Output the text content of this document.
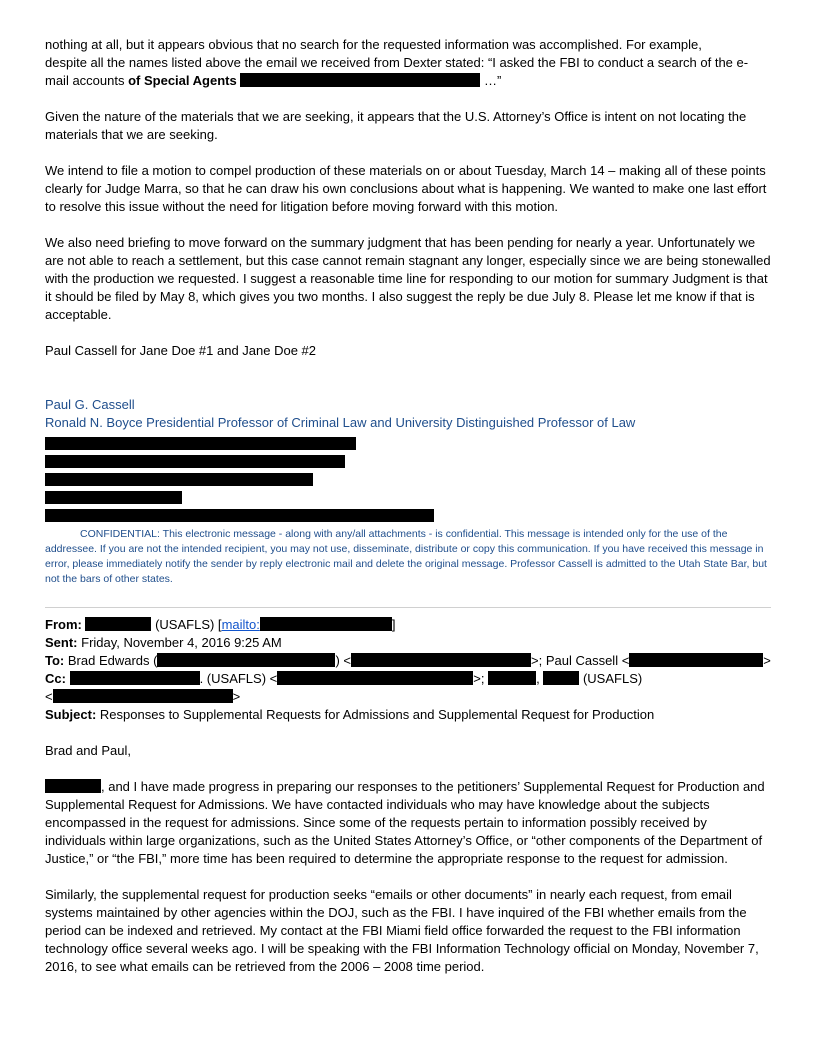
nothing at all, but it appears obvious that no search for the requested information was accomplished. For example,
despite all the names listed above the email we received from Dexter stated: “I asked the FBI to conduct a search of the e-
mail accounts of Special Agents	…”

Given the nature of the materials that we are seeking, it appears that the U.S. Attorney’s Office is intent on not locating the materials that we are seeking.

We intend to file a motion to compel production of these materials on or about Tuesday, March 14 – making all of these points clearly for Judge Marra, so that he can draw his own conclusions about what is happening. We wanted to make one last effort to resolve this issue without the need for litigation before moving forward with this motion.

We also need briefing to move forward on the summary judgment that has been pending for nearly a year. Unfortunately we are not able to reach a settlement, but this case cannot remain stagnant any longer, especially since we are being stonewalled with the production we requested. I suggest a reasonable time line for responding to our motion for summary Judgment is that it should be filed by May 8, which gives you two months. I also suggest the reply be due July 8. Please let me know if that is acceptable.

Paul Cassell for Jane Doe #1 and Jane Doe #2

Paul G. Cassell

Ronald N. Boyce Presidential Professor of Criminal Law and University Distinguished Professor of Law

CONFIDENTIAL: This electronic message - along with any/all attachments - is confidential. This message is intended only for the use of the addressee. If you are not the intended recipient, you may not use, disseminate, distribute or copy this communication. If you have received this message in error, please immediately notify the sender by reply electronic mail and delete the original message. Professor Cassell is admitted to the Utah State Bar, but not the bars of other states.

From:	(USAFLS) [mailto:	]

Sent: Friday, November 4, 2016 9:25 AM

To: Brad Edwards (	) <	>; Paul Cassell <	>

Cc:	. (USAFLS) <	>;	,	(USAFLS)

<	>

Subject: Responses to Supplemental Requests for Admissions and Supplemental Request for Production

Brad and Paul,

, and I have made progress in preparing our responses to the petitioners’ Supplemental Request for Production and Supplemental Request for Admissions. We have contacted individuals who may have knowledge about the subjects encompassed in the request for admissions. Since some of the requests pertain to information possibly received by individuals within large organizations, such as the United States Attorney’s Office, or “other components of the Department of Justice,” or “the FBI,” more time has been required to determine the appropriate response to the request for admission.

Similarly, the supplemental request for production seeks “emails or other documents” in nearly each request, from email systems maintained by other agencies within the DOJ, such as the FBI. I have inquired of the FBI whether emails from the period can be indexed and retrieved. My contact at the FBI Miami field office forwarded the request to the FBI information technology office several weeks ago. I will be speaking with the FBI Information Technology official on Monday, November 7, 2016, to see what emails can be retrieved from the 2006 – 2008 time period.
